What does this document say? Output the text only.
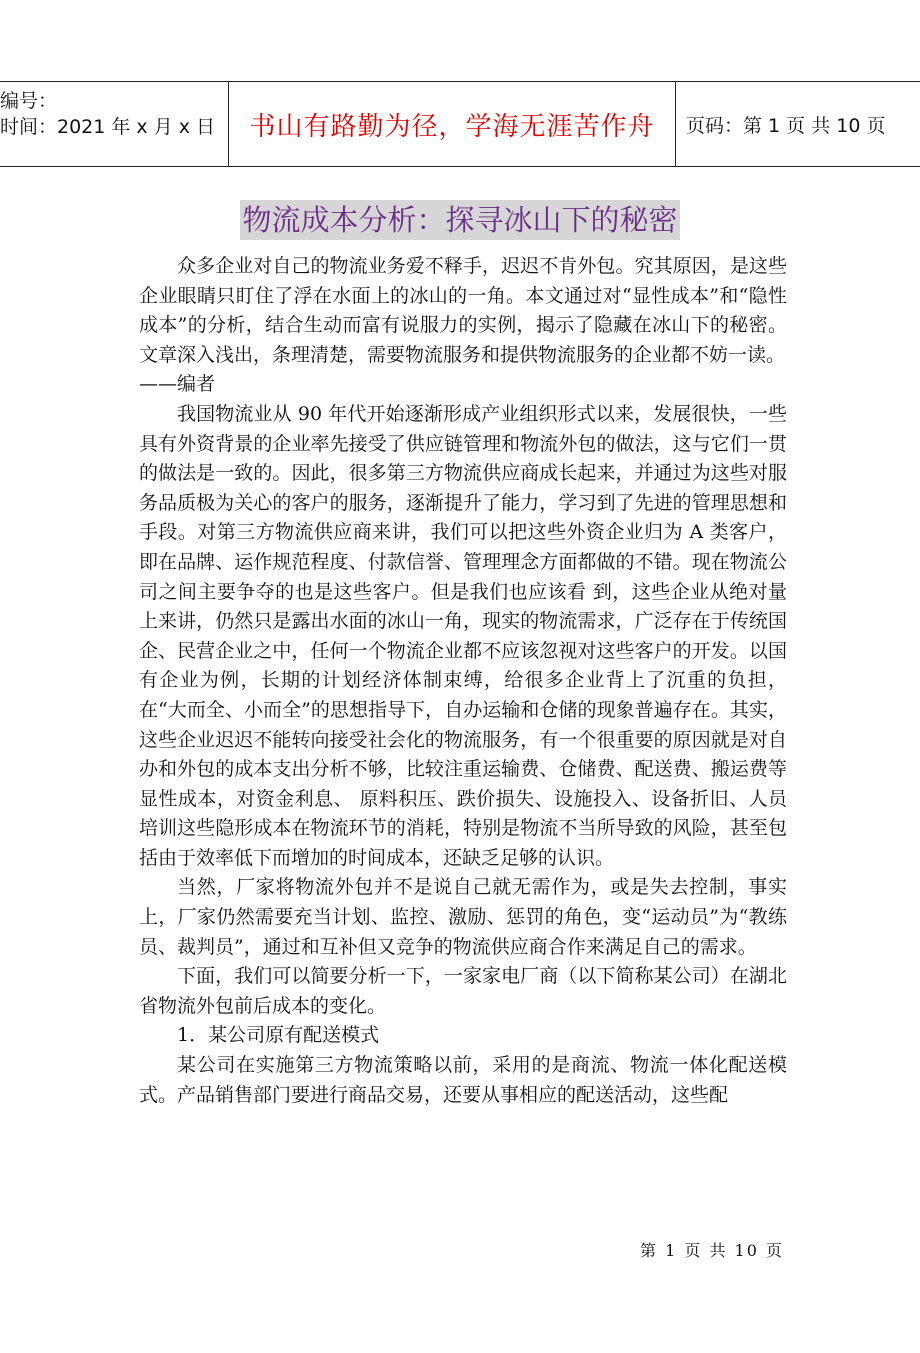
编号：
时间：2021 年 x 月 x 日 书山有路勤为径，学海无涯苦作舟 页码：第 1 页 共 10 页
物流成本分析：探寻冰山下的秘密

众多企业对自己的物流业务爱不释手，迟迟不肯外包。究其原因，是这些企业眼睛只盯住了浮在水面上的冰山的一角。本文通过对“显性成本”和“隐性成本”的分析，结合生动而富有说服力的实例，揭示了隐藏在冰山下的秘密。文章深入浅出，条理清楚，需要物流服务和提供物流服务的企业都不妨一读。

——编者

我国物流业从 90 年代开始逐渐形成产业组织形式以来，发展很快，一些具有外资背景的企业率先接受了供应链管理和物流外包的做法，这与它们一贯的做法是一致的。因此，很多第三方物流供应商成长起来，并通过为这些对服务品质极为关心的客户的服务，逐渐提升了能力，学习到了先进的管理思想和手段。对第三方物流供应商来讲，我们可以把这些外资企业归为 A 类客户，即在品牌、运作规范程度、付款信誉、管理理念方面都做的不错。现在物流公司之间主要争夺的也是这些客户。但是我们也应该看 到，这些企业从绝对量上来讲，仍然只是露出水面的冰山一角，现实的物流需求，广泛存在于传统国企、民营企业之中，任何一个物流企业都不应该忽视对这些客户的开发。以国有企业为例，长期的计划经济体制束缚，给很多企业背上了沉重的负担，在“大而全、小而全”的思想指导下，自办运输和仓储的现象普遍存在。其实，这些企业迟迟不能转向接受社会化的物流服务，有一个很重要的原因就是对自办和外包的成本支出分析不够，比较注重运输费、仓储费、配送费、搬运费等显性成本，对资金利息、 原料积压、跌价损失、设施投入、设备折旧、人员培训这些隐形成本在物流环节的消耗，特别是物流不当所导致的风险，甚至包括由于效率低下而增加的时间成本，还缺乏足够的认识。

当然，厂家将物流外包并不是说自己就无需作为，或是失去控制，事实上，厂家仍然需要充当计划、监控、激励、惩罚的角色，变“运动员”为“教练员、裁判员”，通过和互补但又竞争的物流供应商合作来满足自己的需求。

下面，我们可以简要分析一下，一家家电厂商（以下简称某公司）在湖北省物流外包前后成本的变化。

1．某公司原有配送模式

某公司在实施第三方物流策略以前，采用的是商流、物流一体化配送模式。产品销售部门要进行商品交易，还要从事相应的配送活动，这些配

第 1 页 共 10 页
